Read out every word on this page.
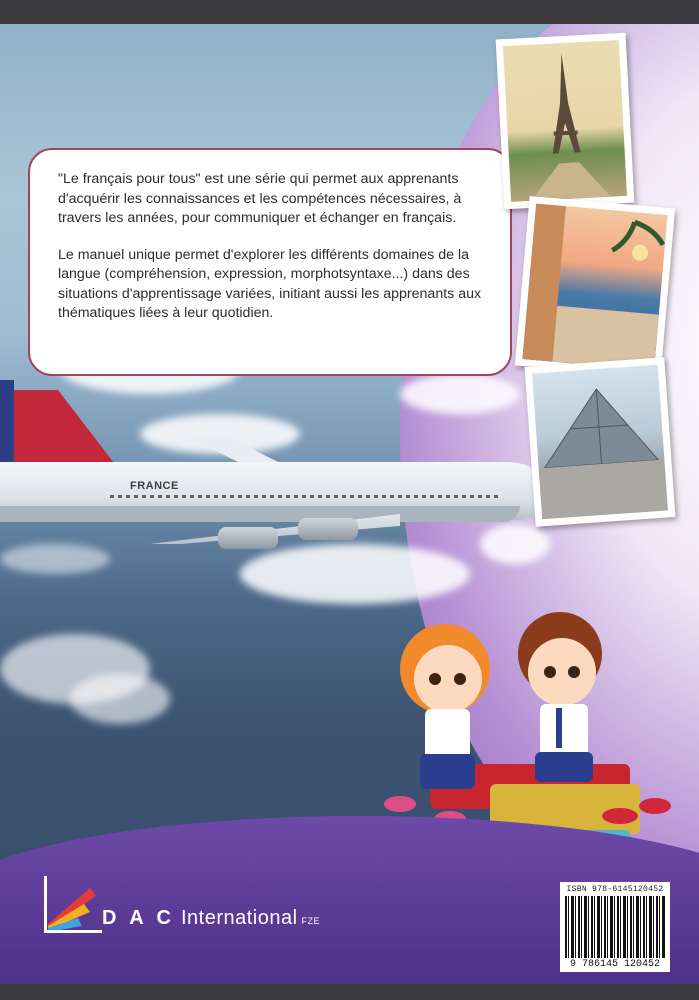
FRANCE

"Le français pour tous" est une série qui permet aux apprenants d'acquérir les connaissances et les compétences nécessaires, à travers les années, pour communiquer et échanger en français.

Le manuel unique permet d'explorer les différents domaines de la langue (compréhension, expression, morphotsyntaxe...) dans des situations d'apprentissage variées, initiant aussi les apprenants aux thématiques liées à leur quotidien.

D A C International FZE
ISBN 978-6145120452
9 786145 120452
